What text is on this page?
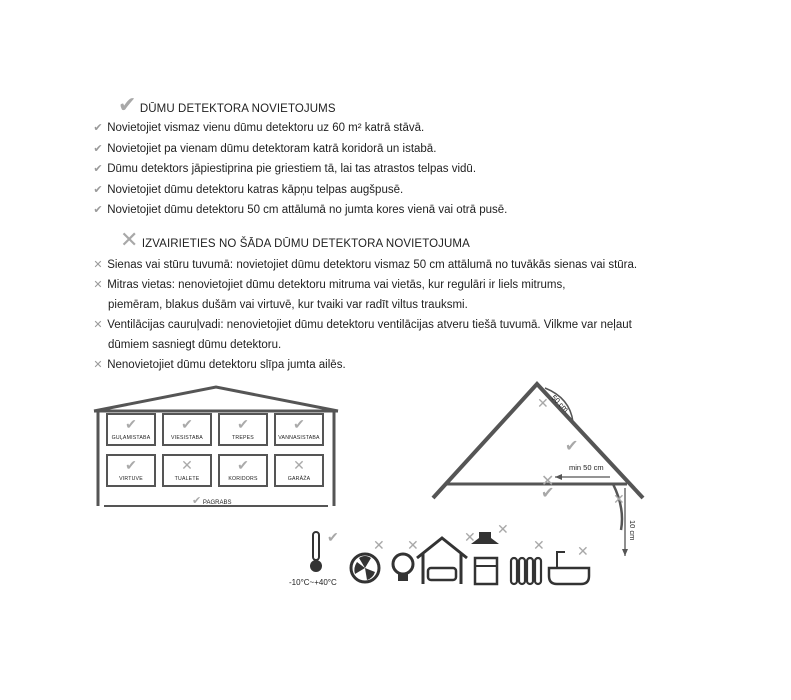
✔ DŪMU DETEKTORA NOVIETOJUMS
✔ Novietojiet vismaz vienu dūmu detektoru uz 60 m² katrā stāvā.
✔ Novietojiet pa vienam dūmu detektoram katrā koridorā un istabā.
✔ Dūmu detektors jāpiestiprina pie griestiem tā, lai tas atrastos telpas vidū.
✔ Novietojiet dūmu detektoru katras kāpņu telpas augšpusē.
✔ Novietojiet dūmu detektoru 50 cm attālumā no jumta kores vienā vai otrā pusē.
✕ IZVAIRIETIES NO ŠĀDA DŪMU DETEKTORA NOVIETOJUMA
✕ Sienas vai stūru tuvumā: novietojiet dūmu detektoru vismaz 50 cm attālumā no tuvākās sienas vai stūra.
✕ Mitras vietas: nenovietojiet dūmu detektoru mitruma vai vietās, kur regulāri ir liels mitrums,
piemēram, blakus dušām vai virtuvē, kur tvaiki var radīt viltus trauksmi.
✕ Ventilācijas cauruļvadi: nenovietojiet dūmu detektoru ventilācijas atveru tiešā tuvumā. Vilkme var neļaut
dūmiem sasniegt dūmu detektoru.
✕ Nenovietojiet dūmu detektoru slīpa jumta ailēs.
✔
GUĻAMISTABA
✔
VIESISTABA
✔
TREPES
✔
VANNASISTABA
✔
VIRTUVE
✕
TUALETE
✔
KORIDORS
✕
GARĀŽA
✔ PAGRABS
✕
✕
✔
✔	✕
50 cm
min 50 cm
10 cm
✔ ✕ ✕	✕ ✕
✕ ✕
-10°C~+40°C
